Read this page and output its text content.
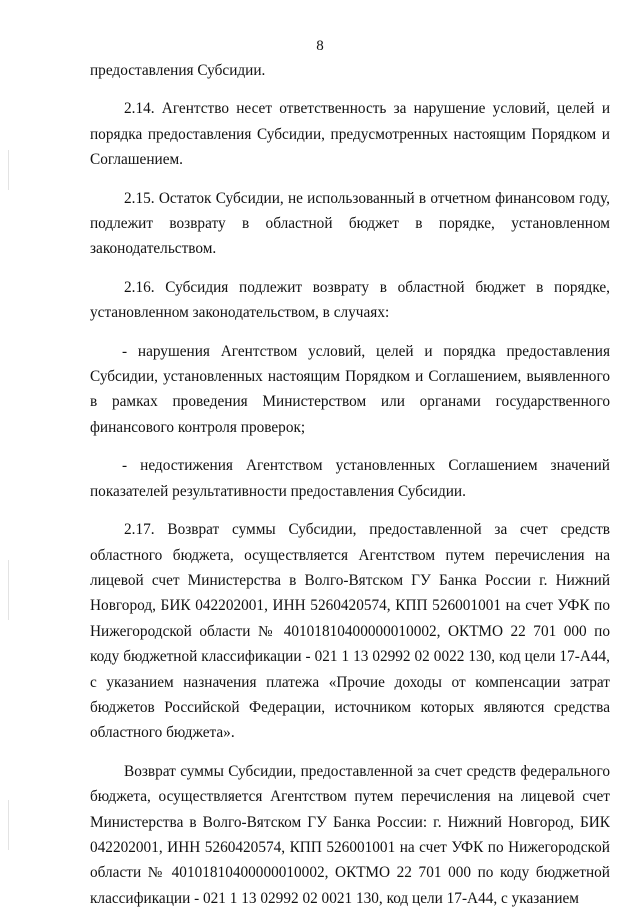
8

предоставления Субсидии.

2.14. Агентство несет ответственность за нарушение условий, целей и порядка предоставления Субсидии, предусмотренных настоящим Порядком и Соглашением.

2.15. Остаток Субсидии, не использованный в отчетном финансовом году, подлежит возврату в областной бюджет в порядке, установленном законодательством.

2.16. Субсидия подлежит возврату в областной бюджет в порядке, установленном законодательством, в случаях:

- нарушения Агентством условий, целей и порядка предоставления Субсидии, установленных настоящим Порядком и Соглашением, выявленного в рамках проведения Министерством или органами государственного финансового контроля проверок;

- недостижения Агентством установленных Соглашением значений показателей результативности предоставления Субсидии.

2.17. Возврат суммы Субсидии, предоставленной за счет средств областного бюджета, осуществляется Агентством путем перечисления на лицевой счет Министерства в Волго-Вятском ГУ Банка России г. Нижний Новгород, БИК 042202001, ИНН 5260420574, КПП 526001001 на счет УФК по Нижегородской области № 40101810400000010002, ОКТМО 22 701 000 по коду бюджетной классификации - 021 1 13 02992 02 0022 130, код цели 17-А44, с указанием назначения платежа «Прочие доходы от компенсации затрат бюджетов Российской Федерации, источником которых являются средства областного бюджета».

Возврат суммы Субсидии, предоставленной за счет средств федерального бюджета, осуществляется Агентством путем перечисления на лицевой счет Министерства в Волго-Вятском ГУ Банка России: г. Нижний Новгород, БИК 042202001, ИНН 5260420574, КПП 526001001 на счет УФК по Нижегородской области № 40101810400000010002, ОКТМО 22 701 000 по коду бюджетной классификации - 021 1 13 02992 02 0021 130, код цели 17-А44, с указанием
